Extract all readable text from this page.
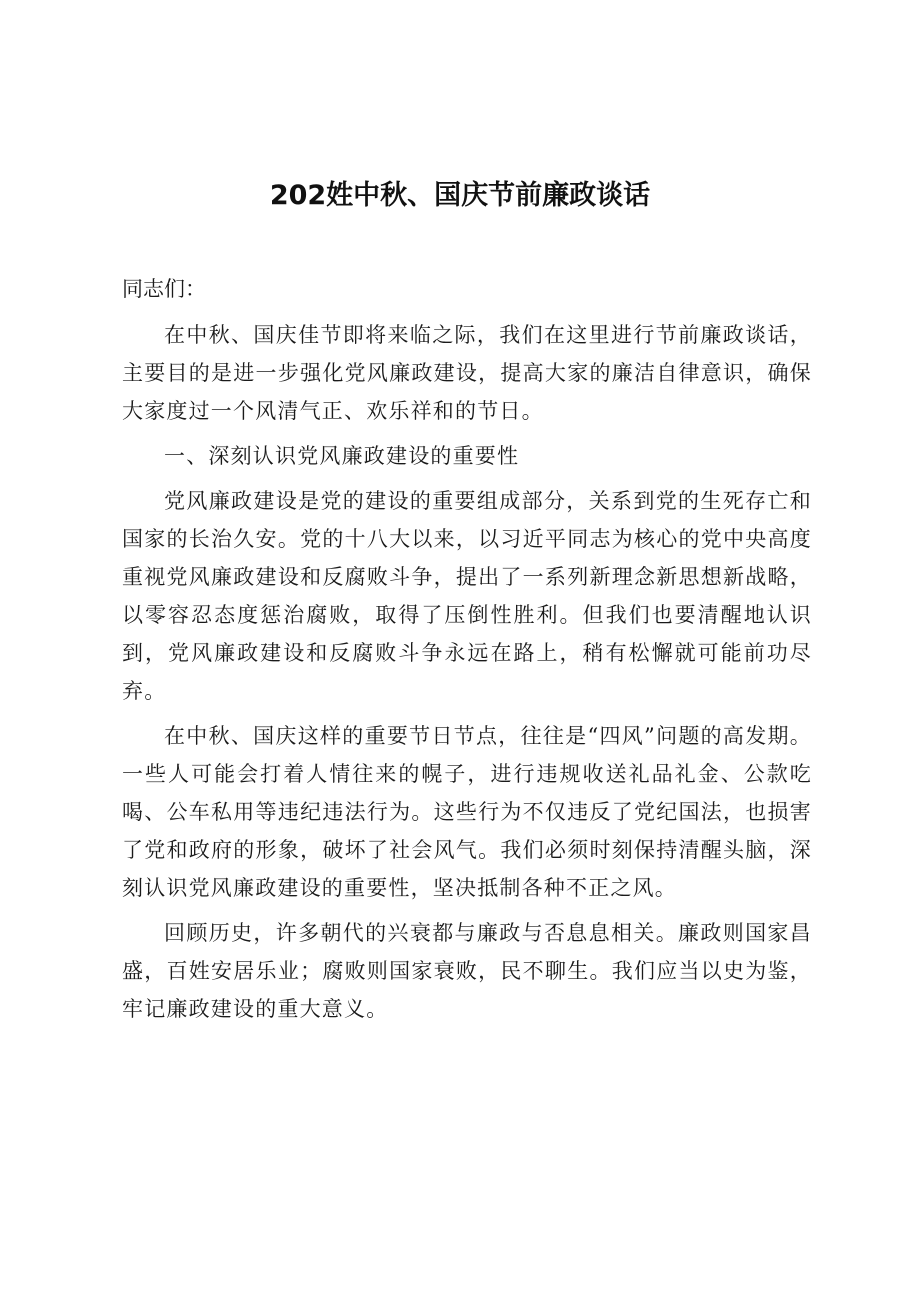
202姓中秋、国庆节前廉政谈话

同志们：

在中秋、国庆佳节即将来临之际，我们在这里进行节前廉政谈话，主要目的是进一步强化党风廉政建设，提高大家的廉洁自律意识，确保大家度过一个风清气正、欢乐祥和的节日。

一、深刻认识党风廉政建设的重要性

党风廉政建设是党的建设的重要组成部分，关系到党的生死存亡和国家的长治久安。党的十八大以来，以习近平同志为核心的党中央高度重视党风廉政建设和反腐败斗争，提出了一系列新理念新思想新战略，以零容忍态度惩治腐败，取得了压倒性胜利。但我们也要清醒地认识到，党风廉政建设和反腐败斗争永远在路上，稍有松懈就可能前功尽弃。

在中秋、国庆这样的重要节日节点，往往是“四风”问题的高发期。一些人可能会打着人情往来的幌子，进行违规收送礼品礼金、公款吃喝、公车私用等违纪违法行为。这些行为不仅违反了党纪国法，也损害了党和政府的形象，破坏了社会风气。我们必须时刻保持清醒头脑，深刻认识党风廉政建设的重要性，坚决抵制各种不正之风。

回顾历史，许多朝代的兴衰都与廉政与否息息相关。廉政则国家昌盛，百姓安居乐业；腐败则国家衰败，民不聊生。我们应当以史为鉴，牢记廉政建设的重大意义。
